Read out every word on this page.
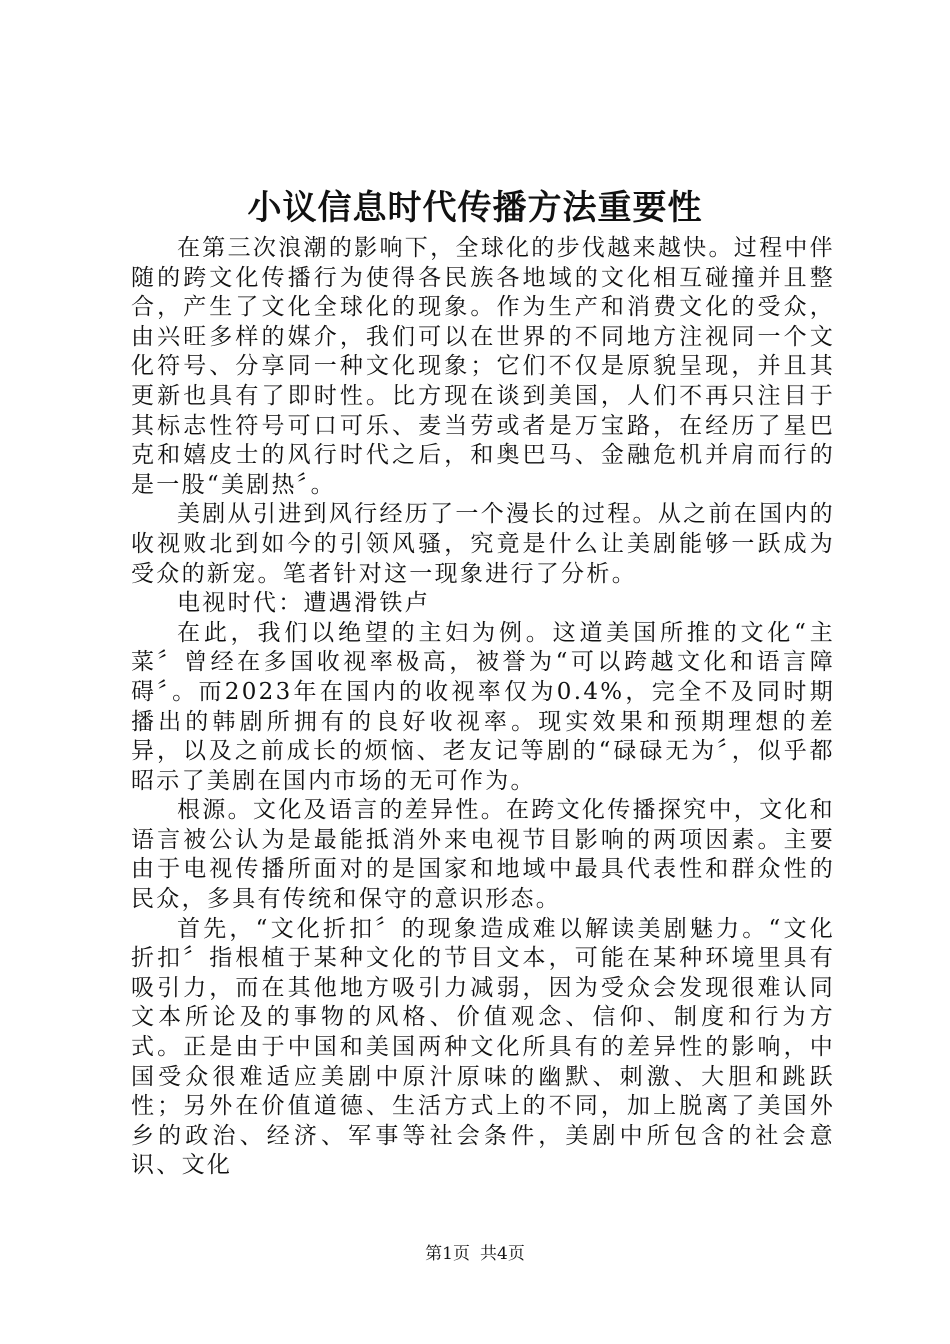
小议信息时代传播方法重要性

在第三次浪潮的影响下，全球化的步伐越来越快。过程中伴随的跨文化传播行为使得各民族各地域的文化相互碰撞并且整合，产生了文化全球化的现象。作为生产和消费文化的受众，由兴旺多样的媒介，我们可以在世界的不同地方注视同一个文化符号、分享同一种文化现象；它们不仅是原貌呈现，并且其更新也具有了即时性。比方现在谈到美国，人们不再只注目于其标志性符号可口可乐、麦当劳或者是万宝路，在经历了星巴克和嬉皮士的风行时代之后，和奥巴马、金融危机并肩而行的是一股“美剧热〞。

美剧从引进到风行经历了一个漫长的过程。从之前在国内的收视败北到如今的引领风骚，究竟是什么让美剧能够一跃成为受众的新宠。笔者针对这一现象进行了分析。

电视时代：遭遇滑铁卢

在此，我们以绝望的主妇为例。这道美国所推的文化“主菜〞曾经在多国收视率极高，被誉为“可以跨越文化和语言障碍〞。而2023年在国内的收视率仅为0.4%，完全不及同时期播出的韩剧所拥有的良好收视率。现实效果和预期理想的差异，以及之前成长的烦恼、老友记等剧的“碌碌无为〞，似乎都昭示了美剧在国内市场的无可作为。

根源。文化及语言的差异性。在跨文化传播探究中，文化和语言被公认为是最能抵消外来电视节目影响的两项因素。主要由于电视传播所面对的是国家和地域中最具代表性和群众性的民众，多具有传统和保守的意识形态。

首先，“文化折扣〞的现象造成难以解读美剧魅力。“文化折扣〞指根植于某种文化的节目文本，可能在某种环境里具有吸引力，而在其他地方吸引力减弱，因为受众会发现很难认同文本所论及的事物的风格、价值观念、信仰、制度和行为方式。正是由于中国和美国两种文化所具有的差异性的影响，中国受众很难适应美剧中原汁原味的幽默、刺激、大胆和跳跃性；另外在价值道德、生活方式上的不同，加上脱离了美国外乡的政治、经济、军事等社会条件，美剧中所包含的社会意识、文化

第1页 共4页
